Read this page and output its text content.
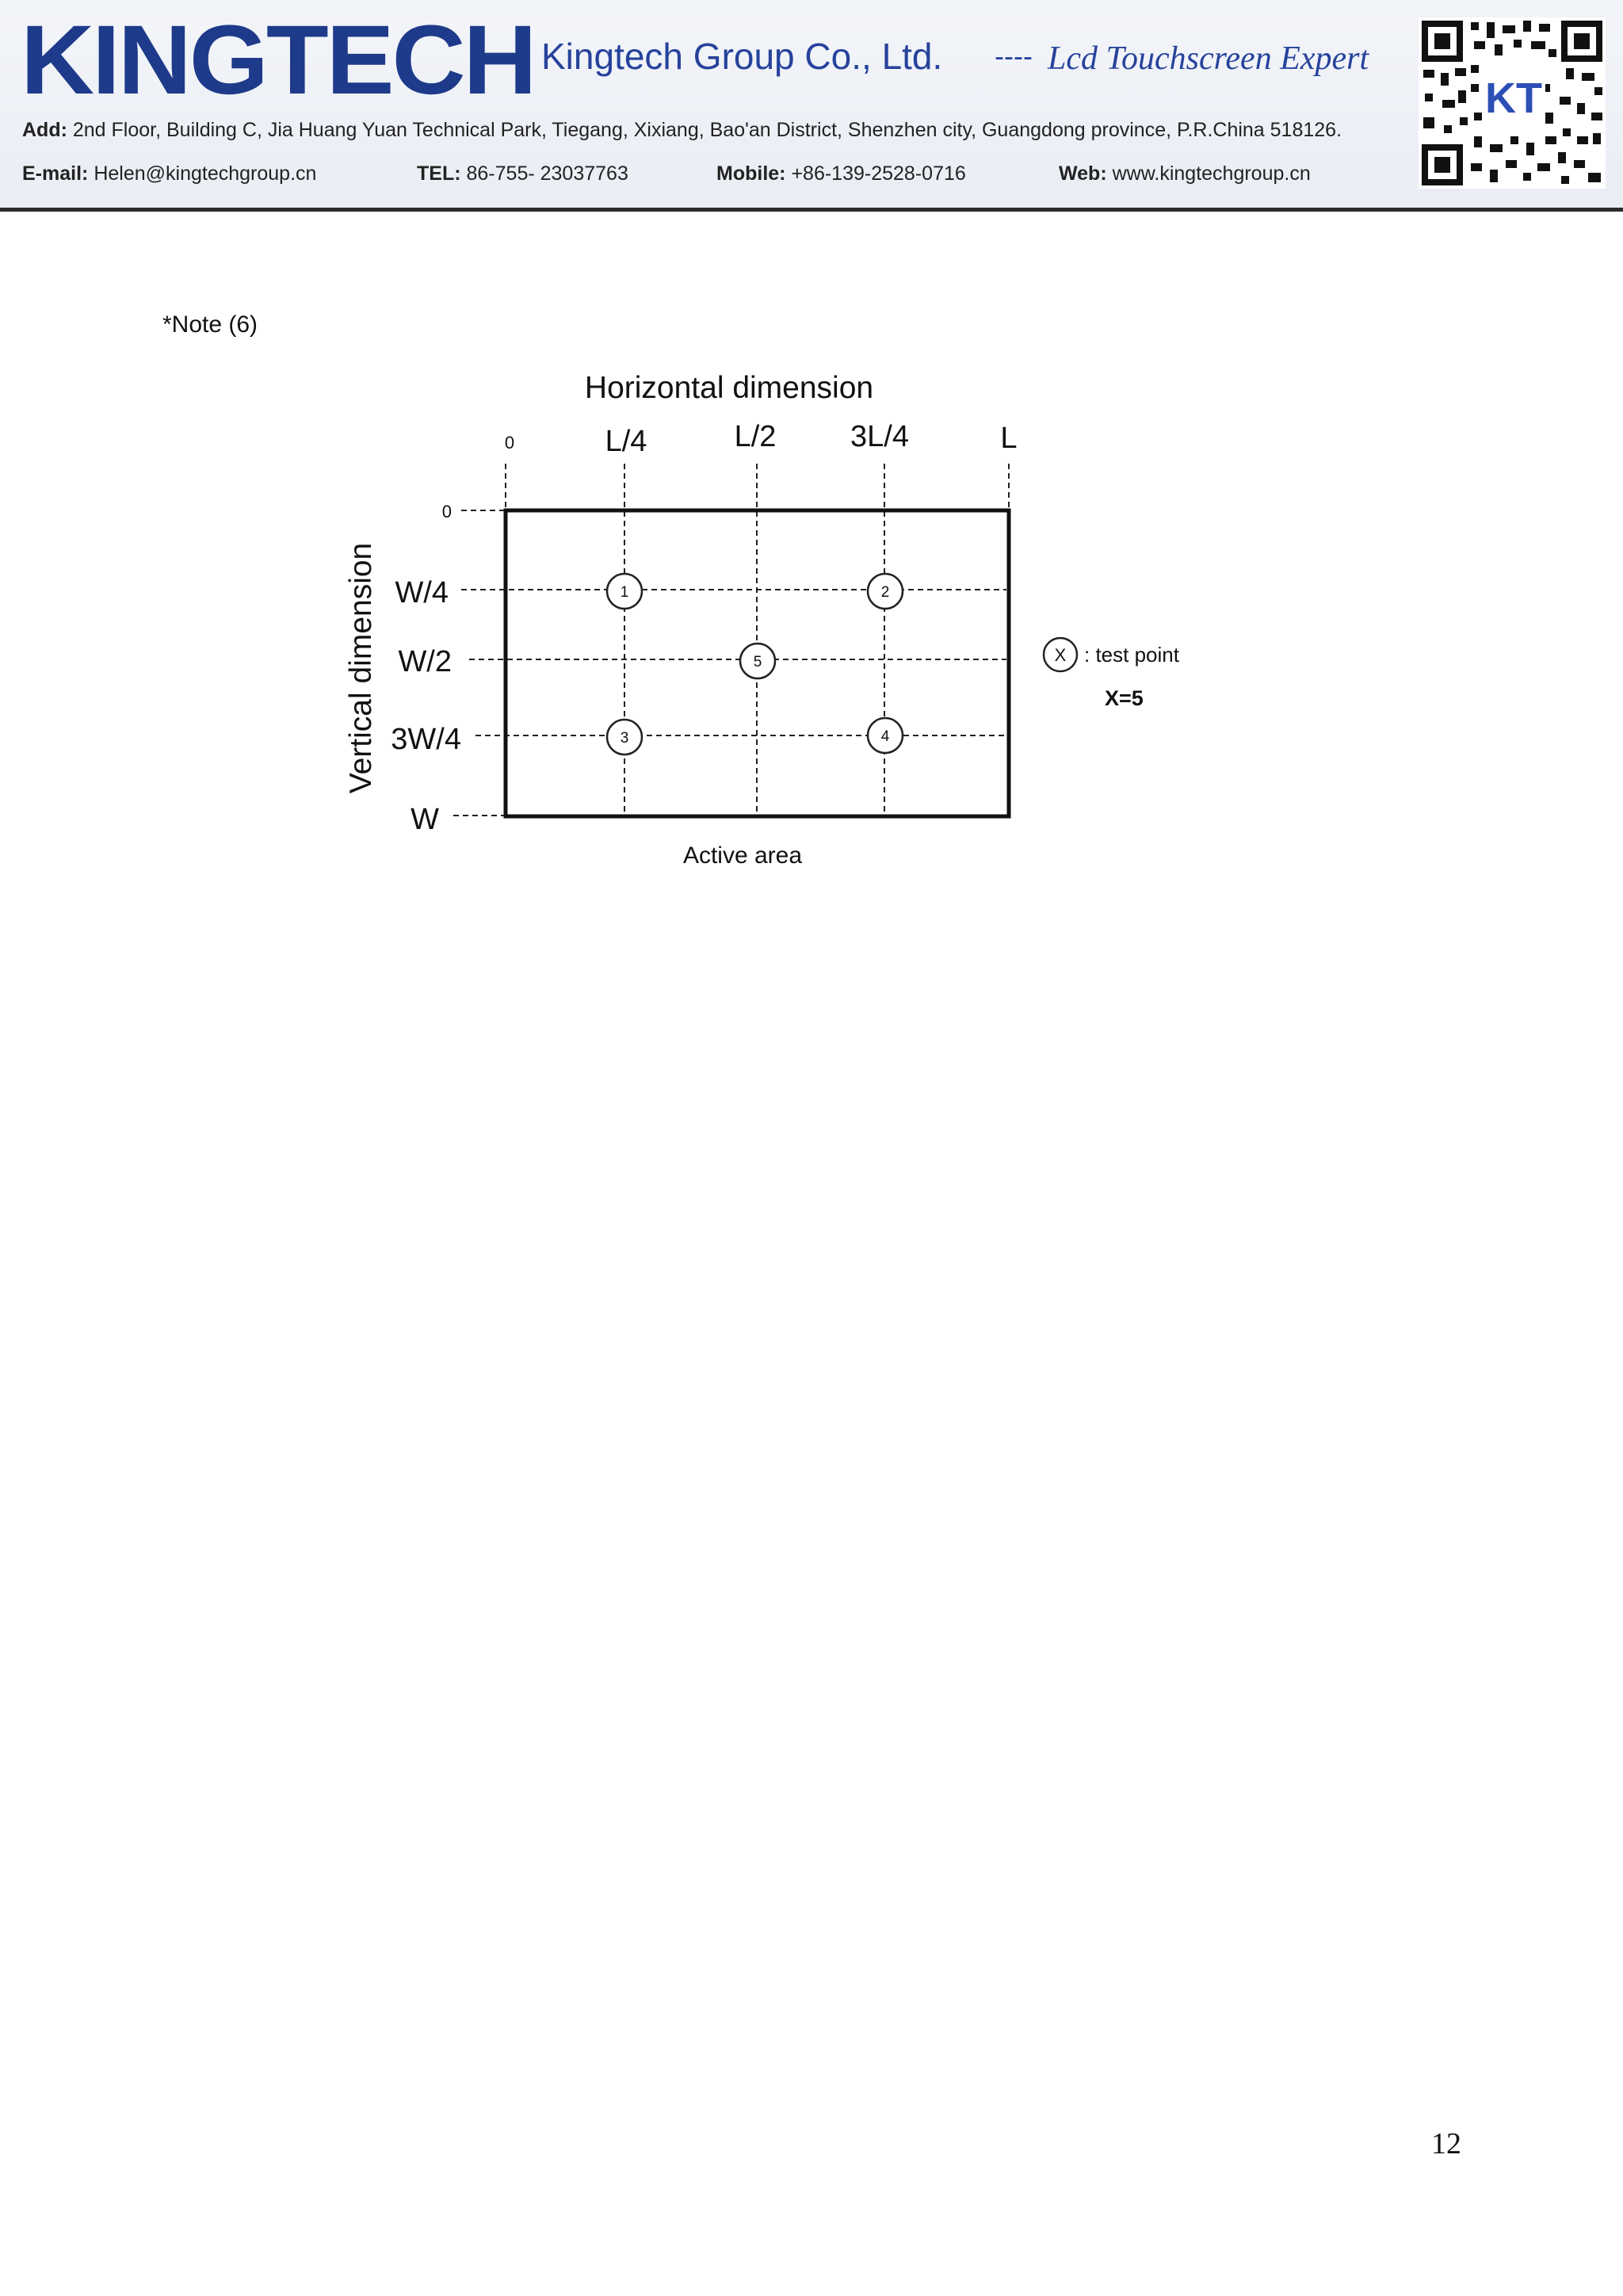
KINGTECH Kingtech Group Co., Ltd. ---- Lcd Touchscreen Expert
Add: 2nd Floor, Building C, Jia Huang Yuan Technical Park, Tiegang, Xixiang, Bao'an District, Shenzhen city, Guangdong province, P.R.China 518126.
E-mail: Helen@kingtechgroup.cn	TEL: 86-755- 23037763	Mobile: +86-139-2528-0716	Web: www.kingtechgroup.cn
KT
*Note (6)
Horizontal dimension
Vertical dimension
0	L/4	L/2 3L/4	L
0
W/4
W/2
3W/4
W
1	2
3	4
5
Active area
X : test point
X=5
12
